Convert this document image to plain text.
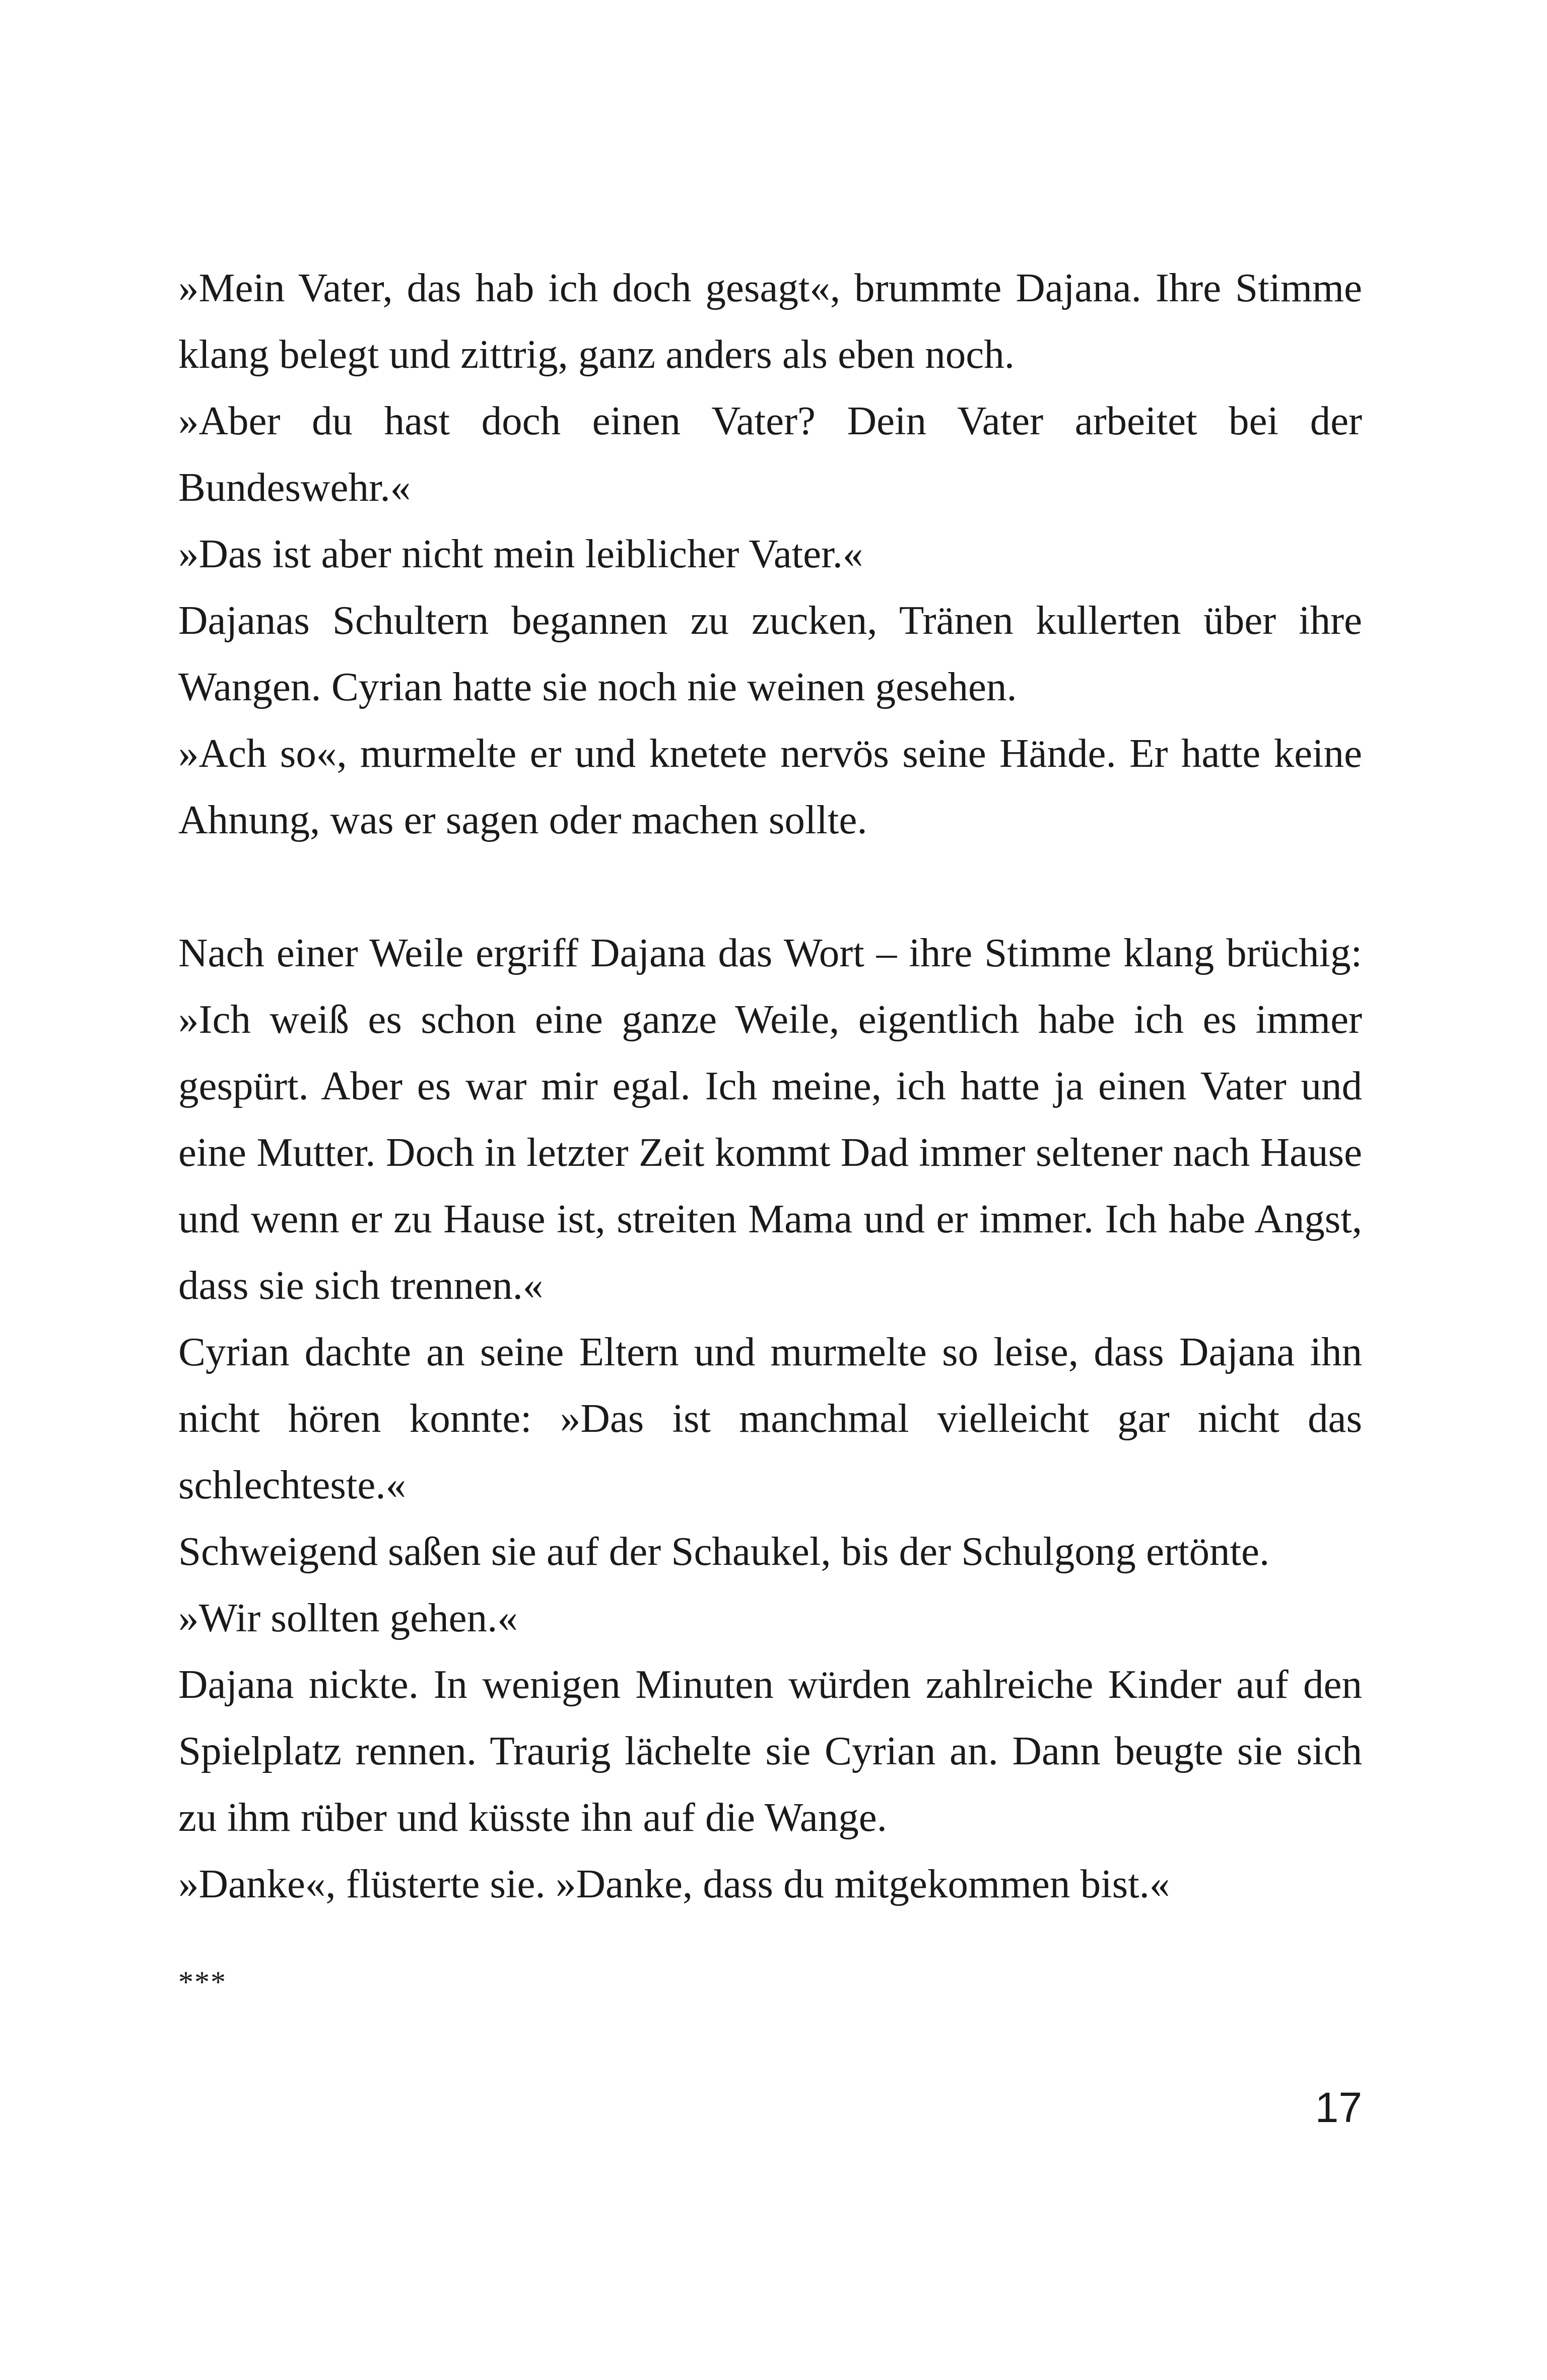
»Mein Vater, das hab ich doch gesagt«, brummte Dajana. Ihre Stimme klang belegt und zittrig, ganz anders als eben noch.

»Aber du hast doch einen Vater? Dein Vater arbeitet bei der Bundeswehr.«

»Das ist aber nicht mein leiblicher Vater.«

Dajanas Schultern begannen zu zucken, Tränen kullerten über ihre Wangen. Cyrian hatte sie noch nie weinen gesehen.

»Ach so«, murmelte er und knetete nervös seine Hände. Er hatte keine Ahnung, was er sagen oder machen sollte.

Nach einer Weile ergriff Dajana das Wort – ihre Stimme klang brüchig: »Ich weiß es schon eine ganze Weile, eigentlich habe ich es immer gespürt. Aber es war mir egal. Ich meine, ich hatte ja einen Vater und eine Mutter. Doch in letzter Zeit kommt Dad immer seltener nach Hause und wenn er zu Hause ist, streiten Mama und er immer. Ich habe Angst, dass sie sich trennen.«

Cyrian dachte an seine Eltern und murmelte so leise, dass Dajana ihn nicht hören konnte: »Das ist manchmal vielleicht gar nicht das schlechteste.«

Schweigend saßen sie auf der Schaukel, bis der Schulgong ertönte.

»Wir sollten gehen.«

Dajana nickte. In wenigen Minuten würden zahlreiche Kinder auf den Spielplatz rennen. Traurig lächelte sie Cyrian an. Dann beugte sie sich zu ihm rüber und küsste ihn auf die Wange.

»Danke«, flüsterte sie. »Danke, dass du mitgekommen bist.«

***
17
